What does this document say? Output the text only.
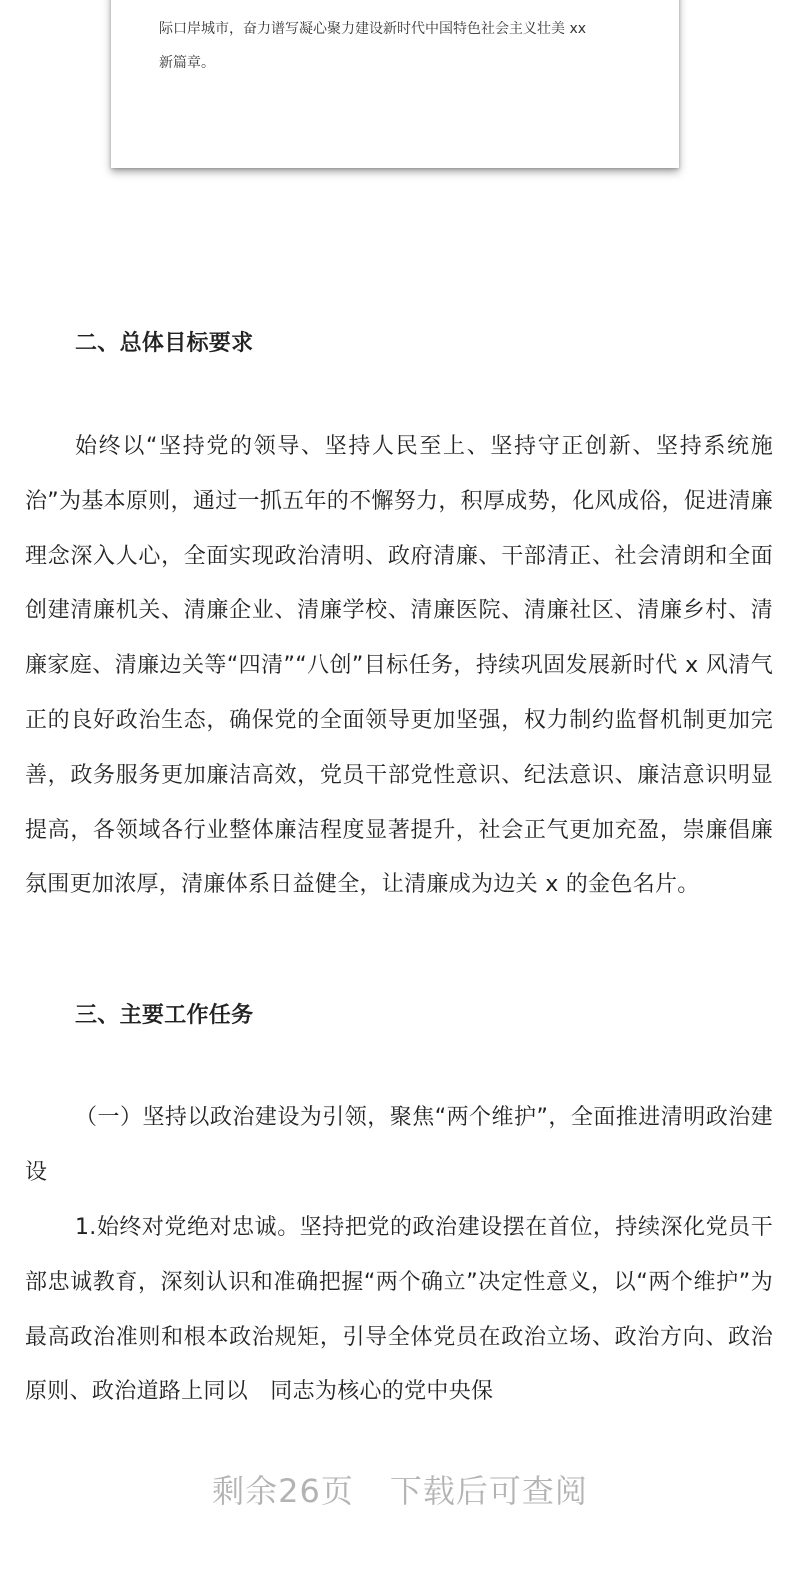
际口岸城市，奋力谱写凝心聚力建设新时代中国特色社会主义壮美 xx

新篇章。

二、总体目标要求

始终以“坚持党的领导、坚持人民至上、坚持守正创新、坚持系统施治”为基本原则，通过一抓五年的不懈努力，积厚成势，化风成俗，促进清廉理念深入人心，全面实现政治清明、政府清廉、干部清正、社会清朗和全面创建清廉机关、清廉企业、清廉学校、清廉医院、清廉社区、清廉乡村、清廉家庭、清廉边关等“四清”“八创”目标任务，持续巩固发展新时代 x 风清气正的良好政治生态，确保党的全面领导更加坚强，权力制约监督机制更加完善，政务服务更加廉洁高效，党员干部党性意识、纪法意识、廉洁意识明显提高，各领域各行业整体廉洁程度显著提升，社会正气更加充盈，崇廉倡廉氛围更加浓厚，清廉体系日益健全，让清廉成为边关 x 的金色名片。

三、主要工作任务

（一）坚持以政治建设为引领，聚焦“两个维护”，全面推进清明政治建设

1.始终对党绝对忠诚。坚持把党的政治建设摆在首位，持续深化党员干部忠诚教育，深刻认识和准确把握“两个确立”决定性意义，以“两个维护”为最高政治准则和根本政治规矩，引导全体党员在政治立场、政治方向、政治原则、政治道路上同以　同志为核心的党中央保

剩余26页 下载后可查阅
